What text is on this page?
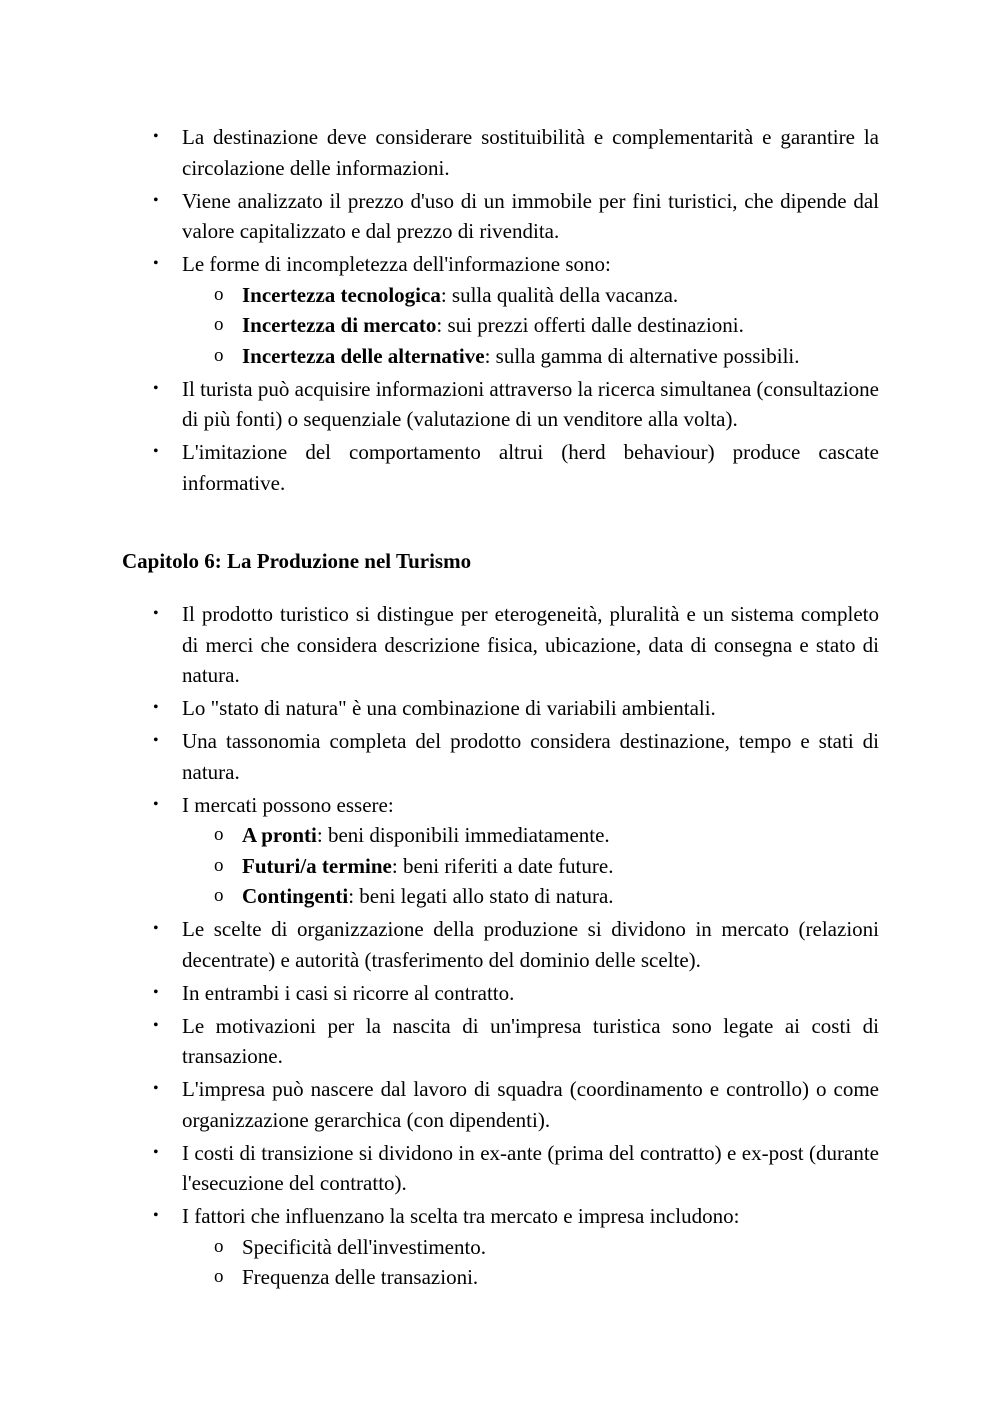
• La destinazione deve considerare sostituibilità e complementarità e garantire la circolazione delle informazioni.
• Viene analizzato il prezzo d'uso di un immobile per fini turistici, che dipende dal valore capitalizzato e dal prezzo di rivendita.
• Le forme di incompletezza dell'informazione sono:
o Incertezza tecnologica: sulla qualità della vacanza.
o Incertezza di mercato: sui prezzi offerti dalle destinazioni.
o Incertezza delle alternative: sulla gamma di alternative possibili.
• Il turista può acquisire informazioni attraverso la ricerca simultanea (consultazione di più fonti) o sequenziale (valutazione di un venditore alla volta).
• L'imitazione del comportamento altrui (herd behaviour) produce cascate informative.
Capitolo 6: La Produzione nel Turismo
• Il prodotto turistico si distingue per eterogeneità, pluralità e un sistema completo di merci che considera descrizione fisica, ubicazione, data di consegna e stato di natura.
• Lo "stato di natura" è una combinazione di variabili ambientali.
• Una tassonomia completa del prodotto considera destinazione, tempo e stati di natura.
• I mercati possono essere:
o A pronti: beni disponibili immediatamente.
o Futuri/a termine: beni riferiti a date future.
o Contingenti: beni legati allo stato di natura.
• Le scelte di organizzazione della produzione si dividono in mercato (relazioni decentrate) e autorità (trasferimento del dominio delle scelte).
• In entrambi i casi si ricorre al contratto.
• Le motivazioni per la nascita di un'impresa turistica sono legate ai costi di transazione.
• L'impresa può nascere dal lavoro di squadra (coordinamento e controllo) o come organizzazione gerarchica (con dipendenti).
• I costi di transizione si dividono in ex-ante (prima del contratto) e ex-post (durante l'esecuzione del contratto).
• I fattori che influenzano la scelta tra mercato e impresa includono:
o Specificità dell'investimento.
o Frequenza delle transazioni.
